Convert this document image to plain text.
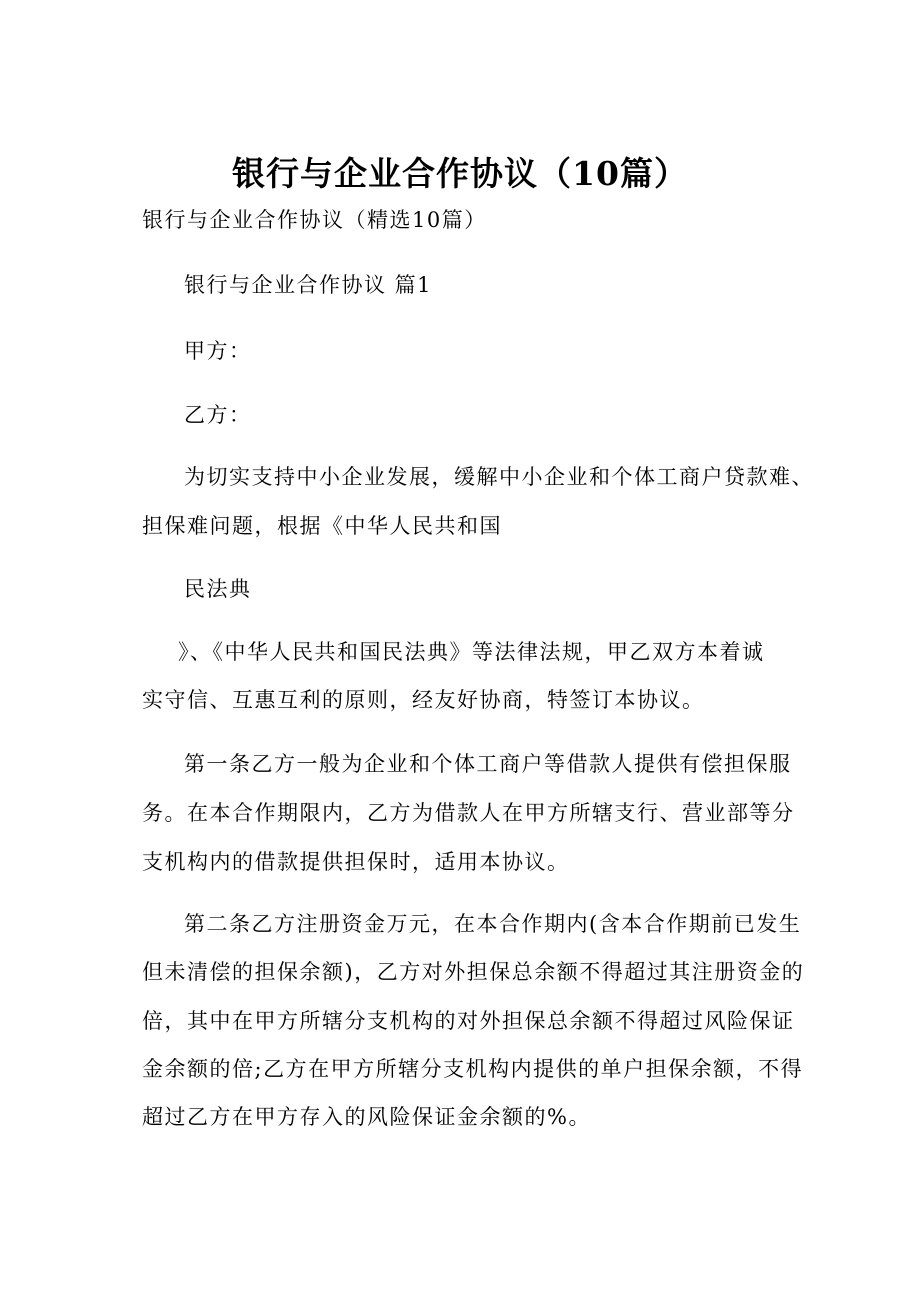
银行与企业合作协议（10篇）
银行与企业合作协议（精选10篇）
银行与企业合作协议 篇1
甲方：
乙方：
为切实支持中小企业发展，缓解中小企业和个体工商户贷款难、
担保难问题，根据《中华人民共和国
民法典
》、《中华人民共和国民法典》等法律法规，甲乙双方本着诚
实守信、互惠互利的原则，经友好协商，特签订本协议。
第一条乙方一般为企业和个体工商户等借款人提供有偿担保服
务。在本合作期限内，乙方为借款人在甲方所辖支行、营业部等分
支机构内的借款提供担保时，适用本协议。
第二条乙方注册资金万元，在本合作期内(含本合作期前已发生
但未清偿的担保余额)，乙方对外担保总余额不得超过其注册资金的
倍，其中在甲方所辖分支机构的对外担保总余额不得超过风险保证
金余额的倍;乙方在甲方所辖分支机构内提供的单户担保余额，不得
超过乙方在甲方存入的风险保证金余额的%。
